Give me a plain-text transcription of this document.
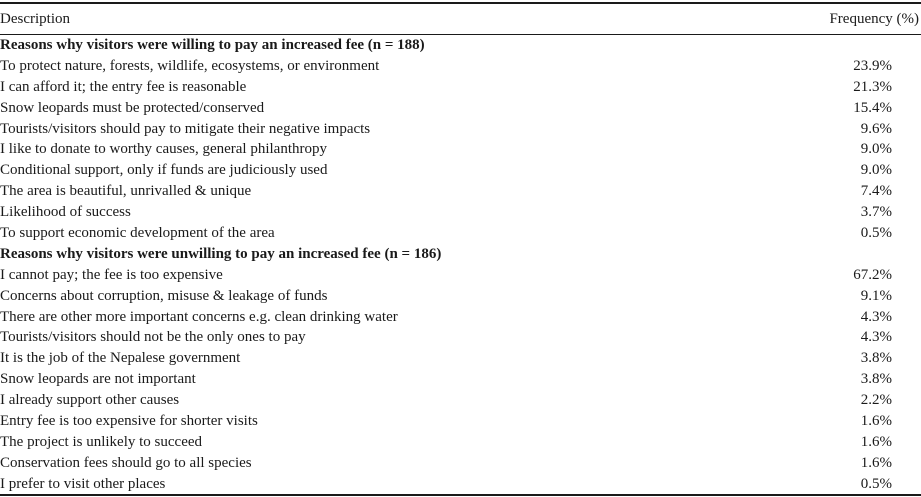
Description	Frequency (%)
Reasons why visitors were willing to pay an increased fee (n = 188)
To protect nature, forests, wildlife, ecosystems, or environment	23.9%
I can afford it; the entry fee is reasonable	21.3%
Snow leopards must be protected/conserved	15.4%
Tourists/visitors should pay to mitigate their negative impacts	9.6%
I like to donate to worthy causes, general philanthropy	9.0%
Conditional support, only if funds are judiciously used	9.0%
The area is beautiful, unrivalled & unique	7.4%
Likelihood of success	3.7%
To support economic development of the area	0.5%
Reasons why visitors were unwilling to pay an increased fee (n = 186)
I cannot pay; the fee is too expensive	67.2%
Concerns about corruption, misuse & leakage of funds	9.1%
There are other more important concerns e.g. clean drinking water	4.3%
Tourists/visitors should not be the only ones to pay	4.3%
It is the job of the Nepalese government	3.8%
Snow leopards are not important	3.8%
I already support other causes	2.2%
Entry fee is too expensive for shorter visits	1.6%
The project is unlikely to succeed	1.6%
Conservation fees should go to all species	1.6%
I prefer to visit other places	0.5%
